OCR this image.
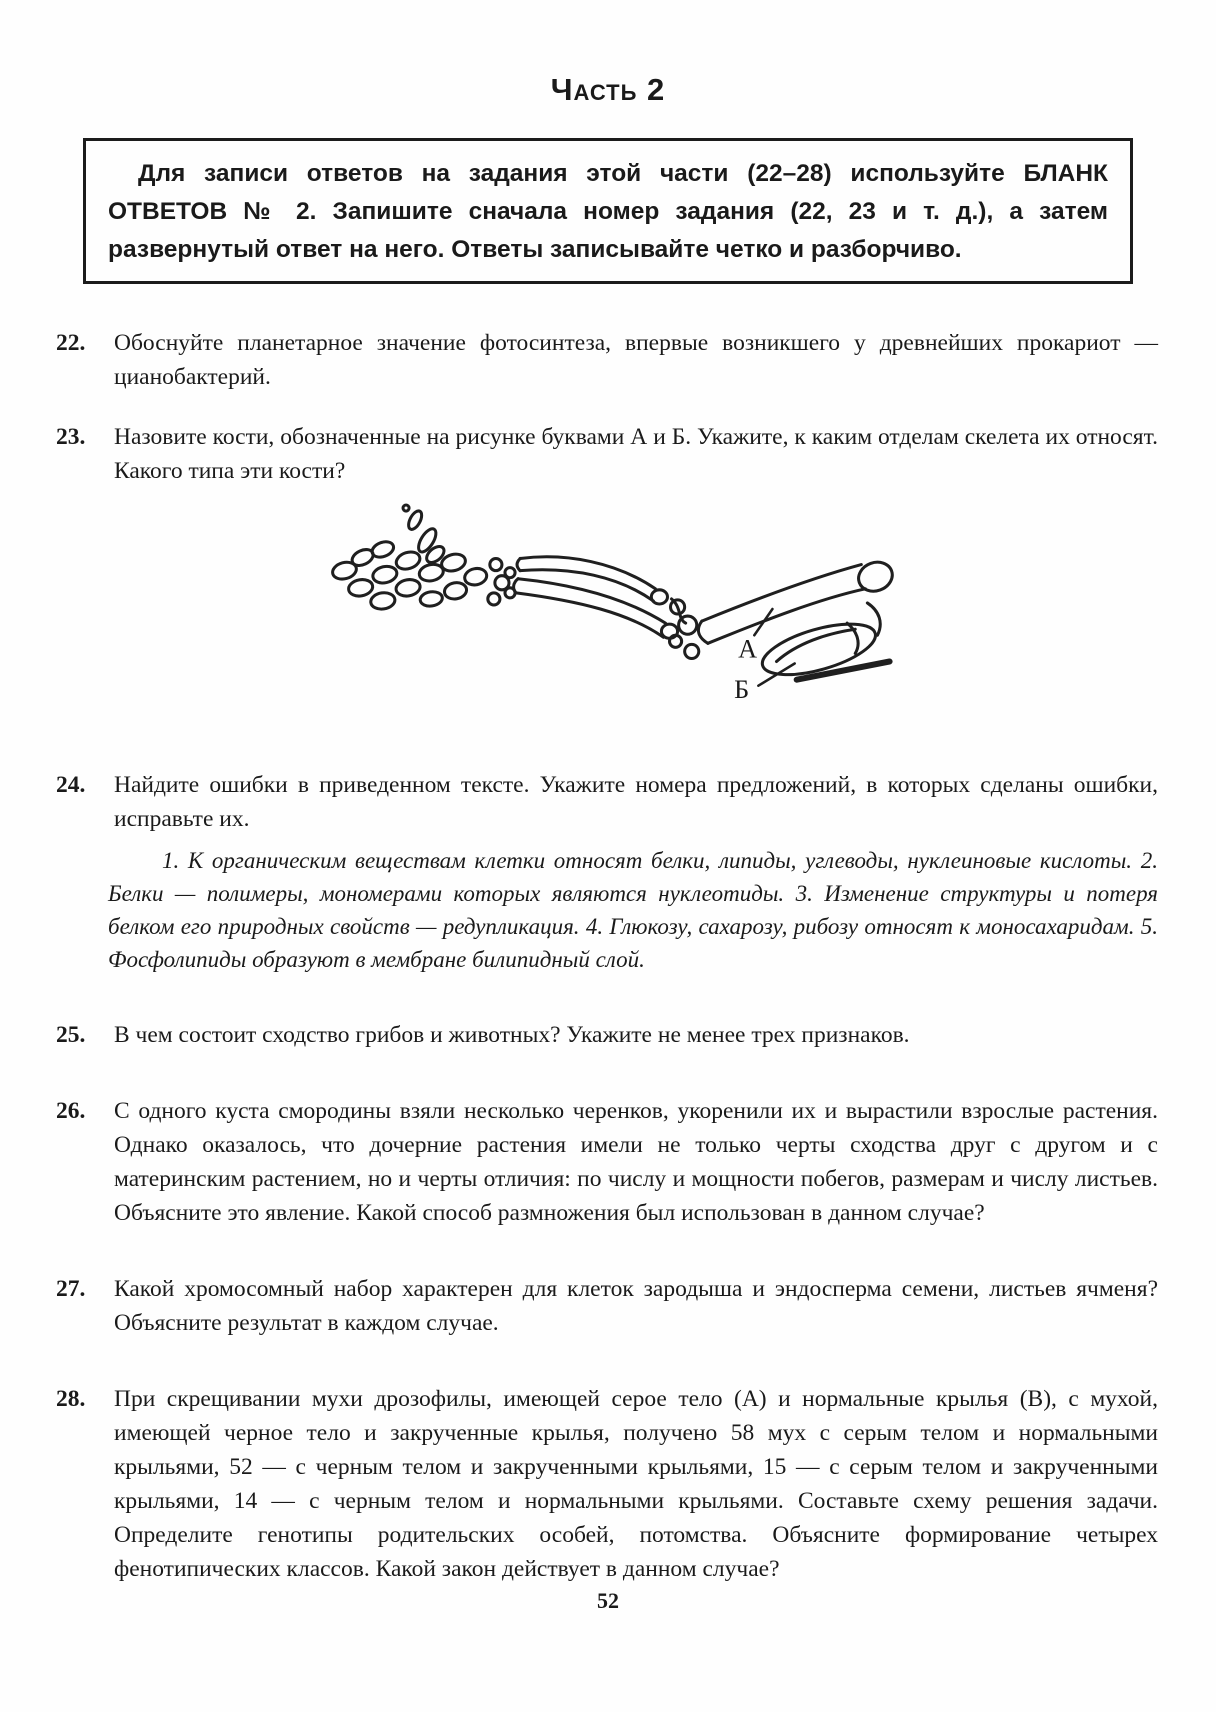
Часть 2

Для записи ответов на задания этой части (22–28) используйте БЛАНК ОТВЕТОВ № 2. Запишите сначала номер задания (22, 23 и т. д.), а затем развернутый ответ на него. Ответы записывайте четко и разборчиво.

22.	Обоснуйте планетарное значение фотосинтеза, впервые возникшего у древнейших прокариот — цианобактерий.
23.	Назовите кости, обозначенные на рисунке буквами А и Б. Укажите, к каким отделам скелета их относят. Какого типа эти кости?
А
Б
24.	Найдите ошибки в приведенном тексте. Укажите номера предложений, в которых сделаны ошибки, исправьте их.
1. К органическим веществам клетки относят белки, липиды, углеводы, нуклеиновые кислоты. 2. Белки — полимеры, мономерами которых являются нуклеотиды. 3. Изменение структуры и потеря белком его природных свойств — редупликация. 4. Глюкозу, сахарозу, рибозу относят к моносахаридам. 5. Фосфолипиды образуют в мембране билипидный слой.
25.	В чем состоит сходство грибов и животных? Укажите не менее трех признаков.
26.	С одного куста смородины взяли несколько черенков, укоренили их и вырастили взрослые растения. Однако оказалось, что дочерние растения имели не только черты сходства друг с другом и с материнским растением, но и черты отличия: по числу и мощности побегов, размерам и числу листьев. Объясните это явление. Какой способ размножения был использован в данном случае?
27.	Какой хромосомный набор характерен для клеток зародыша и эндосперма семени, листьев ячменя? Объясните результат в каждом случае.
28.	При скрещивании мухи дрозофилы, имеющей серое тело (А) и нормальные крылья (В), с мухой, имеющей черное тело и закрученные крылья, получено 58 мух с серым телом и нормальными крыльями, 52 — с черным телом и закрученными крыльями, 15 — с серым телом и закрученными крыльями, 14 — с черным телом и нормальными крыльями. Составьте схему решения задачи. Определите генотипы родительских особей, потомства. Объясните формирование четырех фенотипических классов. Какой закон действует в данном случае?
52
